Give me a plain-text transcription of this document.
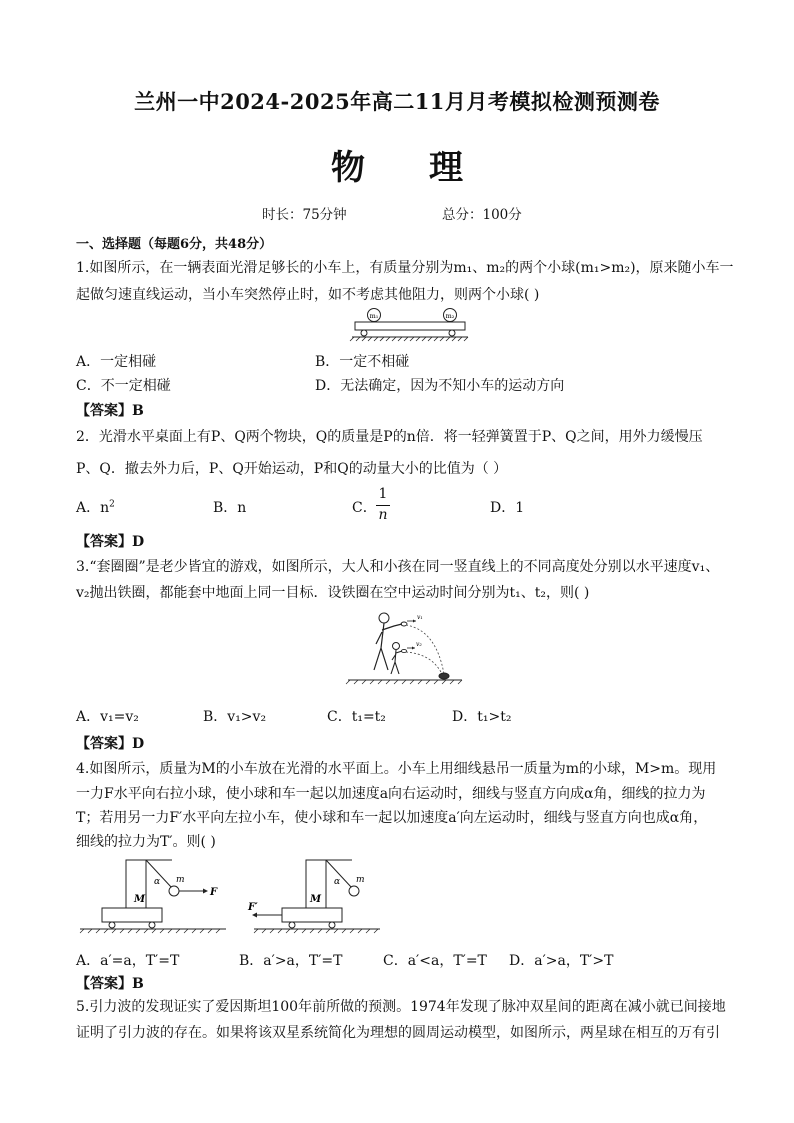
兰州一中2024-2025年高二11月月考模拟检测预测卷
物理
时长：75分钟	总分：100分
一、选择题（每题6分，共48分）
1.如图所示，在一辆表面光滑足够长的小车上，有质量分别为m₁、m₂的两个小球(m₁>m₂)，原来随小车一
起做匀速直线运动，当小车突然停止时，如不考虑其他阻力，则两个小球( )
m₁	m₂
A．一定相碰	B．一定不相碰
C．不一定相碰	D．无法确定，因为不知小车的运动方向
【答案】B
2．光滑水平桌面上有P、Q两个物块，Q的质量是P的n倍．将一轻弹簧置于P、Q之间，用外力缓慢压
P、Q．撤去外力后，P、Q开始运动，P和Q的动量大小的比值为（ ）
A．$n^2$	B．n	C．
1
n	D．1
【答案】D
3.“套圈圈”是老少皆宜的游戏，如图所示，大人和小孩在同一竖直线上的不同高度处分别以水平速度v₁、
v₂抛出铁圈，都能套中地面上同一目标．设铁圈在空中运动时间分别为t₁、t₂，则( )
v₁
v₂
A．v₁=v₂	B．v₁>v₂	C．t₁=t₂	D．t₁>t₂
【答案】D
4.如图所示，质量为M的小车放在光滑的水平面上。小车上用细线悬吊一质量为m的小球，M>m。现用
一力F水平向右拉小球，使小球和车一起以加速度a向右运动时，细线与竖直方向成α角，细线的拉力为
T；若用另一力F′水平向左拉小车，使小球和车一起以加速度a′向左运动时，细线与竖直方向也成α角，
细线的拉力为T′。则( )
α m
M
F
α m
M
F′
A．a′=a，T′=T	B．a′>a，T′=T	C．a′<a，T′=T D．a′>a，T′>T
【答案】B
5.引力波的发现证实了爱因斯坦100年前所做的预测。1974年发现了脉冲双星间的距离在减小就已间接地
证明了引力波的存在。如果将该双星系统简化为理想的圆周运动模型，如图所示，两星球在相互的万有引
